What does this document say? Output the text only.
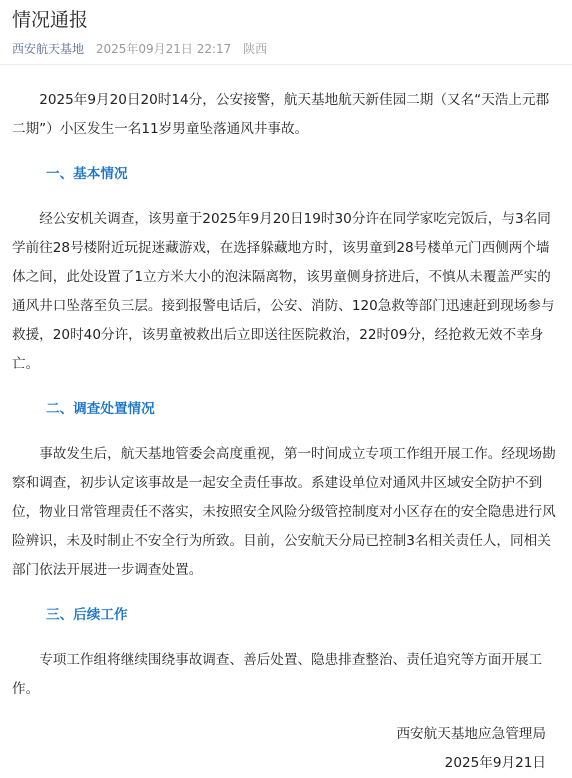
情况通报
西安航天基地 2025年09月21日 22:17 陕西

2025年9月20日20时14分，公安接警，航天基地航天新佳园二期（又名“天浩上元郡二期”）小区发生一名11岁男童坠落通风井事故。

一、基本情况

经公安机关调查，该男童于2025年9月20日19时30分许在同学家吃完饭后，与3名同学前往28号楼附近玩捉迷藏游戏，在选择躲藏地方时，该男童到28号楼单元门西侧两个墙体之间，此处设置了1立方米大小的泡沫隔离物，该男童侧身挤进后，不慎从未覆盖严实的通风井口坠落至负三层。接到报警电话后，公安、消防、120急救等部门迅速赶到现场参与救援，20时40分许，该男童被救出后立即送往医院救治，22时09分，经抢救无效不幸身亡。

二、调查处置情况

事故发生后，航天基地管委会高度重视，第一时间成立专项工作组开展工作。经现场勘察和调查，初步认定该事故是一起安全责任事故。系建设单位对通风井区域安全防护不到位，物业日常管理责任不落实，未按照安全风险分级管控制度对小区存在的安全隐患进行风险辨识，未及时制止不安全行为所致。目前，公安航天分局已控制3名相关责任人，同相关部门依法开展进一步调查处置。

三、后续工作

专项工作组将继续围绕事故调查、善后处置、隐患排查整治、责任追究等方面开展工作。

西安航天基地应急管理局

2025年9月21日
